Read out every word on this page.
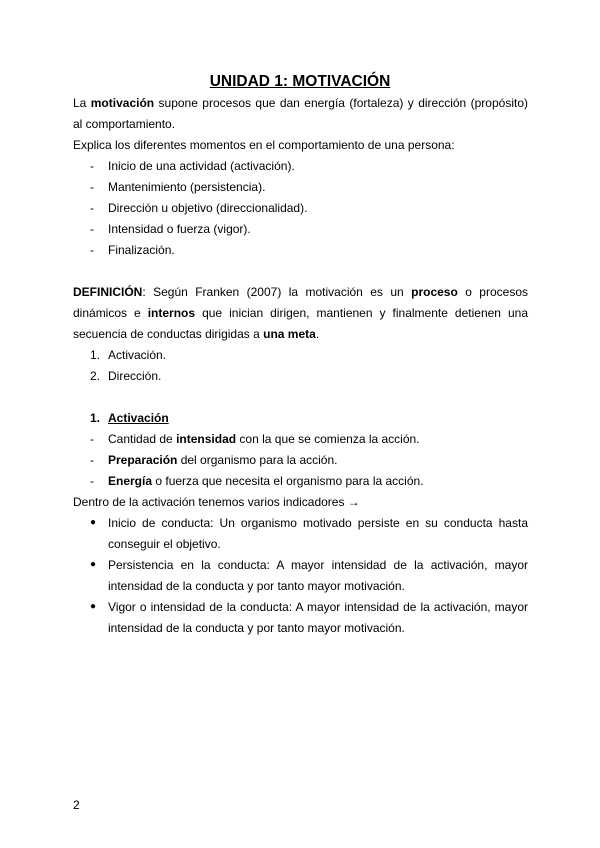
UNIDAD 1: MOTIVACIÓN
La motivación supone procesos que dan energía (fortaleza) y dirección (propósito)
al comportamiento.
Explica los diferentes momentos en el comportamiento de una persona:
- Inicio de una actividad (activación).
- Mantenimiento (persistencia).
- Dirección u objetivo (direccionalidad).
- Intensidad o fuerza (vigor).
- Finalización.
DEFINICIÓN: Según Franken (2007) la motivación es un proceso o procesos
dinámicos e internos que inician dirigen, mantienen y finalmente detienen una
secuencia de conductas dirigidas a una meta.
1. Activación.
2. Dirección.
1. Activación
- Cantidad de intensidad con la que se comienza la acción.
- Preparación del organismo para la acción.
- Energía o fuerza que necesita el organismo para la acción.
Dentro de la activación tenemos varios indicadores →
● Inicio de conducta: Un organismo motivado persiste en su conducta hasta conseguir el objetivo.
● Persistencia en la conducta: A mayor intensidad de la activación, mayor intensidad de la conducta y por tanto mayor motivación.
● Vigor o intensidad de la conducta: A mayor intensidad de la activación, mayor intensidad de la conducta y por tanto mayor motivación.
2
